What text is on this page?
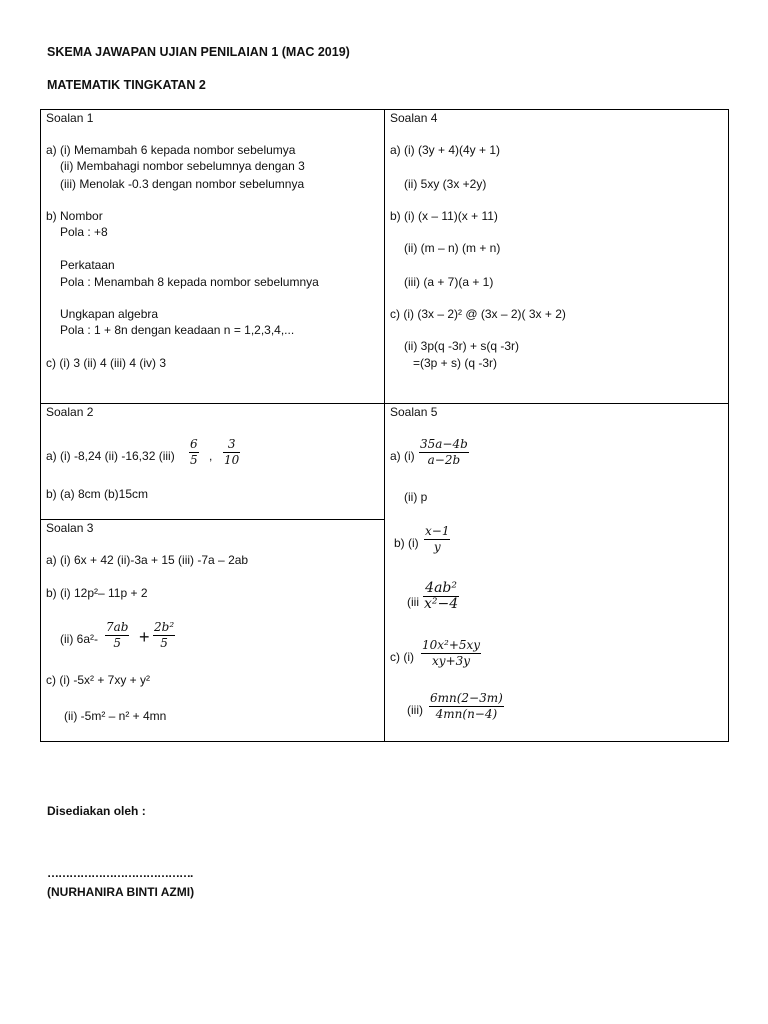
SKEMA JAWAPAN UJIAN PENILAIAN 1 (MAC 2019)
MATEMATIK TINGKATAN 2
Soalan 1
a) (i) Memambah 6 kepada nombor sebelumya
(ii) Membahagi nombor sebelumnya dengan 3
(iii) Menolak -0.3 dengan nombor sebelumnya
b) Nombor
Pola : +8
Perkataan
Pola : Menambah 8 kepada nombor sebelumnya
Ungkapan algebra
Pola : 1 + 8n dengan keadaan n = 1,2,3,4,...
c) (i) 3 (ii) 4 (iii) 4 (iv) 3
Soalan 2
a) (i) -8,24 (ii) -16,32 $(iii) \frac{6}{5}$ , $\frac{3}{10}$
b) (a) 8cm (b)15cm
Soalan 3
a) (i) 6x + 42 (ii)-3a + 15 (iii) -7a – 2ab
b) (i) 12p²– 11p + 2
(ii) $6a^2- \frac{7ab}{5} + \frac{\text{2b²}}{5}$
c) (i) -5x² + 7xy + y²
(ii) -5m² – n² + 4mn
Soalan 4
a) (i) (3y + 4)(4y + 1)
(ii) 5xy (3x +2y)
b) (i) (x – 11)(x + 11)
(ii) (m – n) (m + n)
(iii) (a + 7)(a + 1)
c) (i) (3x – 2)² @ (3x – 2)( 3x + 2)
(ii) 3p(q -3r) + s(q -3r)
=(3p + s) (q -3r)
Soalan 5
a) $(i) \frac{35a-4b}{a-2b}$
(ii) p
b) $(i) \frac{x-1}{y}$
($iii \frac{\text{4ab²}}{\text{x²−4}}$
c) $(i) \frac{\text{10x²+5xy}}{xy+3y}$
$(iii) \frac{6mn(2-3m)}{4mn(n-4)}$
Disediakan oleh :
………………………………….
(NURHANIRA BINTI AZMI)
